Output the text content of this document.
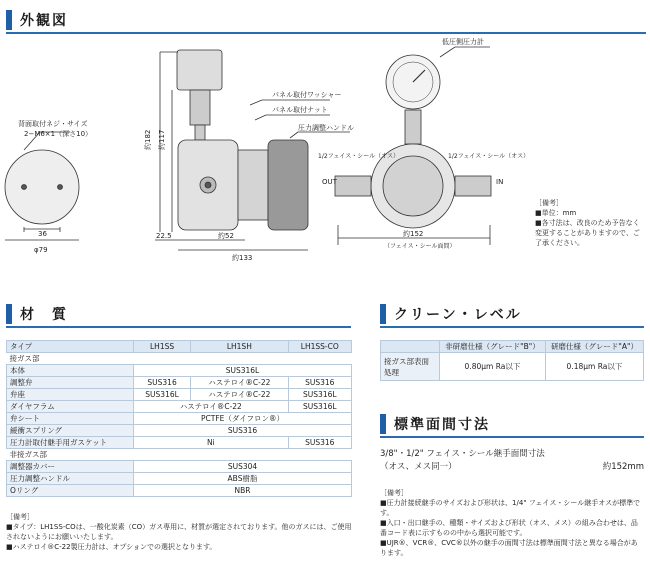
外観図
背面取付ネジ・サイズ
2−M6×1（深さ10）
36
φ79
約182 約117
22.5	約52
約133
パネル取付ワッシャー
パネル取付ナット
圧力調整ハンドル
低圧側圧力計
1/2フェイス・シール（オス）	1/2フェイス・シール（オス）
OUT	IN
約152
（フェイス・シール面間）
［備考］
■単位：mm
■各寸法は、改良のため予告なく変更することがありますので、ご了承ください。
材　質
タイプ	LH1SS	LH1SH	LH1SS-CO
接ガス部			
本体	SUS316L		
調整弁	SUS316	ハステロイ®C-22	SUS316
弁座	SUS316L	ハステロイ®C-22	SUS316L
ダイヤフラム	ハステロイ®C-22		SUS316L
弁シート	PCTFE（ダイフロン®）		
緩衝スプリング	SUS316		
圧力計取付継手用ガスケット	Ni		SUS316
非接ガス部			
調整器カバー	SUS304		
圧力調整ハンドル	ABS樹脂		
Oリング	NBR		

［備考］

■タイプ：LH1SS-COは、一酸化炭素（CO）ガス専用に、材質が選定されております。他のガスには、ご使用されないようにお願いいたします。

■ハステロイ®C-22製圧力計は、オプションでの選択となります。

クリーン・レベル
	非研磨仕様（グレード"B"）	研磨仕様（グレード"A"）
接ガス部表面処理	0.80μm Ra以下	0.18μm Ra以下
標準面間寸法
3/8"・1/2" フェイス・シール継手面間寸法
（オス、メス同一）	約152mm

［備考］

■圧力計接続継手のサイズおよび形状は、1/4" フェイス・シール継手オスが標準です。

■入口・出口継手の、種類・サイズおよび形状（オス、メス）の組み合わせは、品番コード表に示すものの中から選択可能です。

■UJR®、VCR®、CVC®以外の継手の面間寸法は標準面間寸法と異なる場合があります。
